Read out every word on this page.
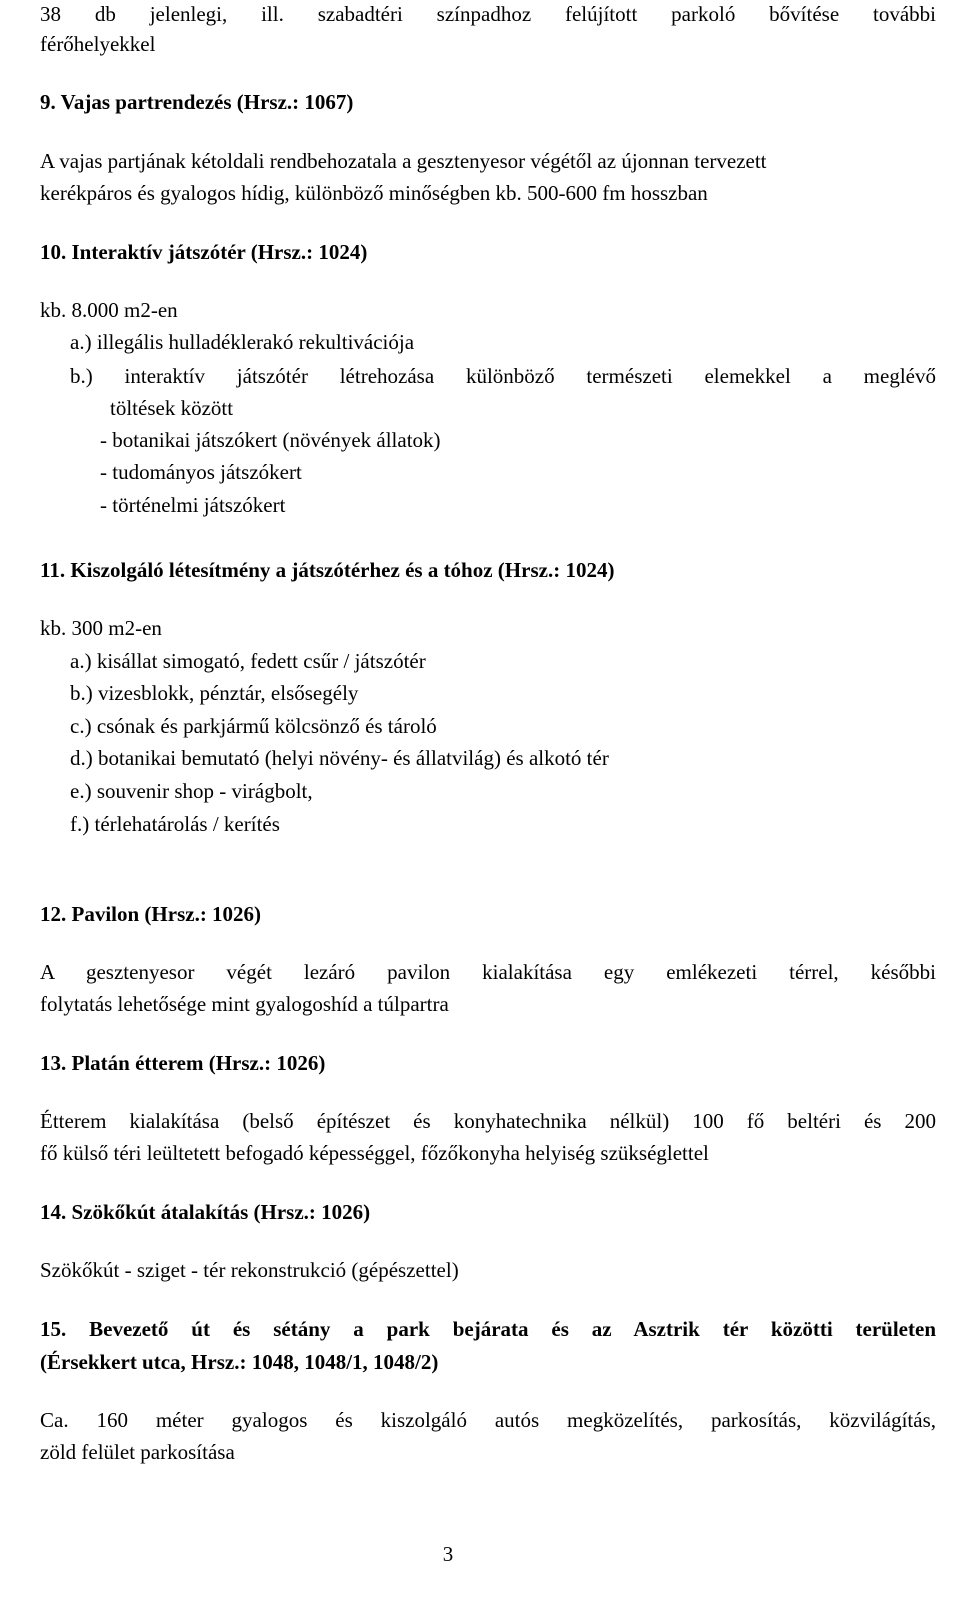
38 db jelenlegi, ill. szabadtéri színpadhoz felújított parkoló bővítése további
férőhelyekkel
9. Vajas partrendezés (Hrsz.: 1067)
A vajas partjának kétoldali rendbehozatala a gesztenyesor végétől az újonnan tervezett
kerékpáros és gyalogos hídig, különböző minőségben kb. 500-600 fm hosszban
10. Interaktív játszótér (Hrsz.: 1024)
kb. 8.000 m2-en
a.) illegális hulladéklerakó rekultivációja
b.) interaktív játszótér létrehozása különböző természeti elemekkel a meglévő
töltések között
- botanikai játszókert (növények állatok)
- tudományos játszókert
- történelmi játszókert
11. Kiszolgáló létesítmény a játszótérhez és a tóhoz (Hrsz.: 1024)
kb. 300 m2-en
a.) kisállat simogató, fedett csűr / játszótér
b.) vizesblokk, pénztár, elsősegély
c.) csónak és parkjármű kölcsönző és tároló
d.) botanikai bemutató (helyi növény- és állatvilág) és alkotó tér
e.) souvenir shop - virágbolt,
f.) térlehatárolás / kerítés
12. Pavilon (Hrsz.: 1026)
A gesztenyesor végét lezáró pavilon kialakítása egy emlékezeti térrel, későbbi
folytatás lehetősége mint gyalogoshíd a túlpartra
13. Platán étterem (Hrsz.: 1026)
Étterem kialakítása (belső építészet és konyhatechnika nélkül) 100 fő beltéri és 200
fő külső téri leültetett befogadó képességgel, főzőkonyha helyiség szükséglettel
14. Szökőkút átalakítás (Hrsz.: 1026)
Szökőkút - sziget - tér rekonstrukció (gépészettel)
15. Bevezető út és sétány a park bejárata és az Asztrik tér közötti területen
(Érsekkert utca, Hrsz.: 1048, 1048/1, 1048/2)
Ca. 160 méter gyalogos és kiszolgáló autós megközelítés, parkosítás, közvilágítás,
zöld felület parkosítása
3
